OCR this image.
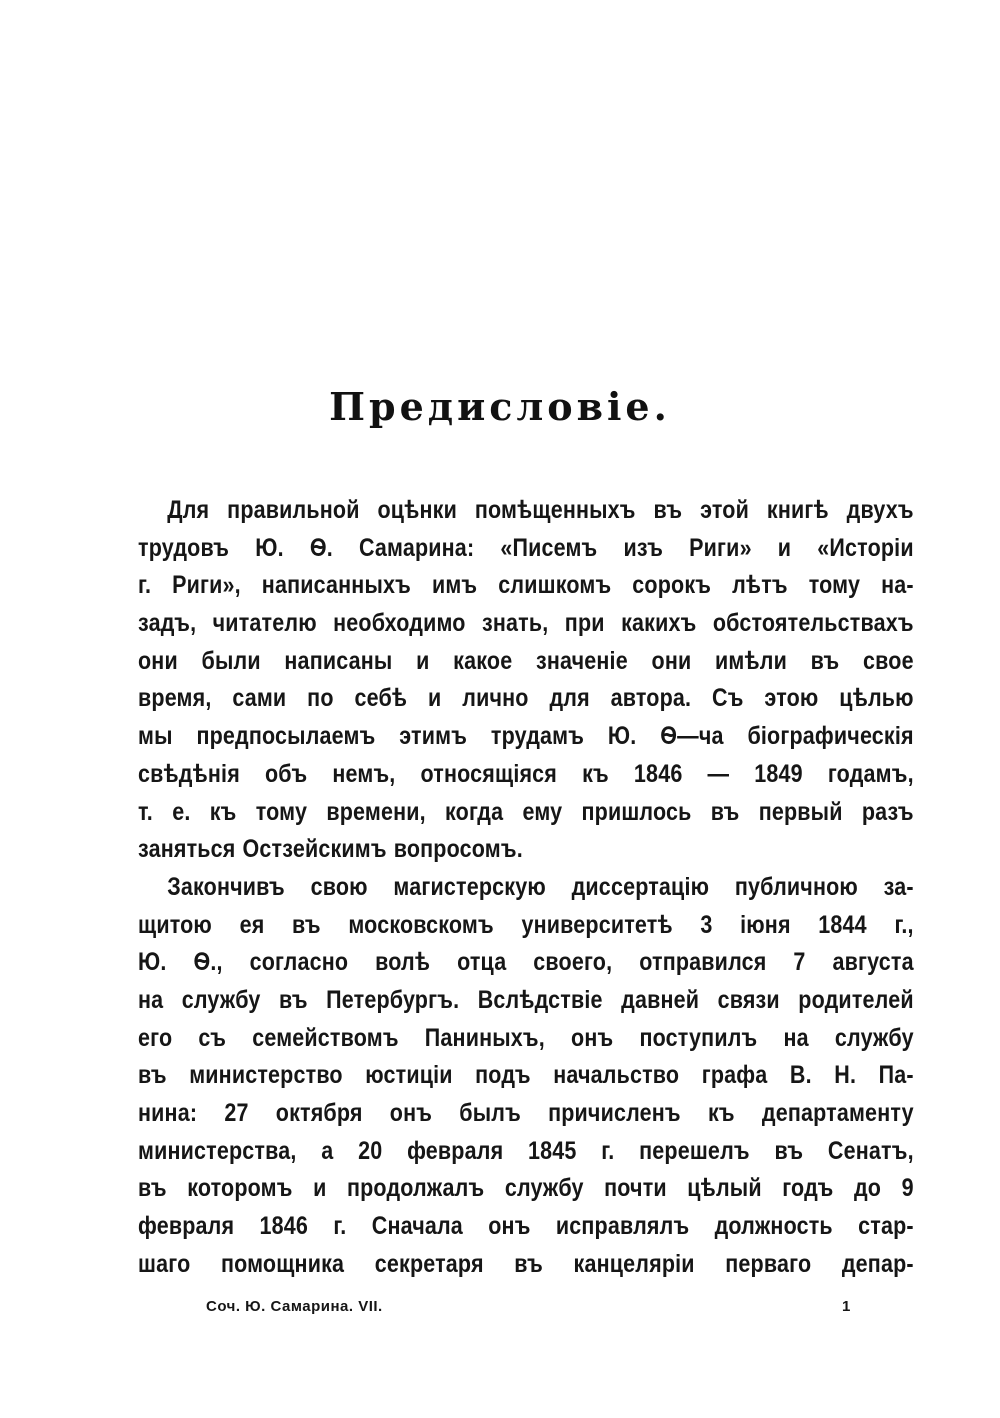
Предисловіе.
Для правильной оцѣнки помѣщенныхъ въ этой книгѣ двухъ
трудовъ Ю. Ѳ. Самарина: «Писемъ изъ Риги» и «Исторіи
г. Риги», написанныхъ имъ слишкомъ сорокъ лѣтъ тому на-
задъ, читателю необходимо знать, при какихъ обстоятельствахъ
они были написаны и какое значеніе они имѣли въ свое
время, сами по себѣ и лично для автора. Съ этою цѣлью
мы предпосылаемъ этимъ трудамъ Ю. Ѳ—ча біографическія
свѣдѣнія объ немъ, относящіяся къ 1846 — 1849 годамъ,
т. е. къ тому времени, когда ему пришлось въ первый разъ
заняться Остзейскимъ вопросомъ.
Закончивъ свою магистерскую диссертацію публичною за-
щитою ея въ московскомъ университетѣ 3 іюня 1844 г.,
Ю. Ѳ., согласно волѣ отца своего, отправился 7 августа
на службу въ Петербургъ. Вслѣдствіе давней связи родителей
его съ семействомъ Паниныхъ, онъ поступилъ на службу
въ министерство юстиціи подъ начальство графа В. Н. Па-
нина: 27 октября онъ былъ причисленъ къ департаменту
министерства, а 20 февраля 1845 г. перешелъ въ Сенатъ,
въ которомъ и продолжалъ службу почти цѣлый годъ до 9
февраля 1846 г. Сначала онъ исправлялъ должность стар-
шаго помощника секретаря въ канцеляріи перваго депар-
Соч. Ю. Самарина. VII.	1
